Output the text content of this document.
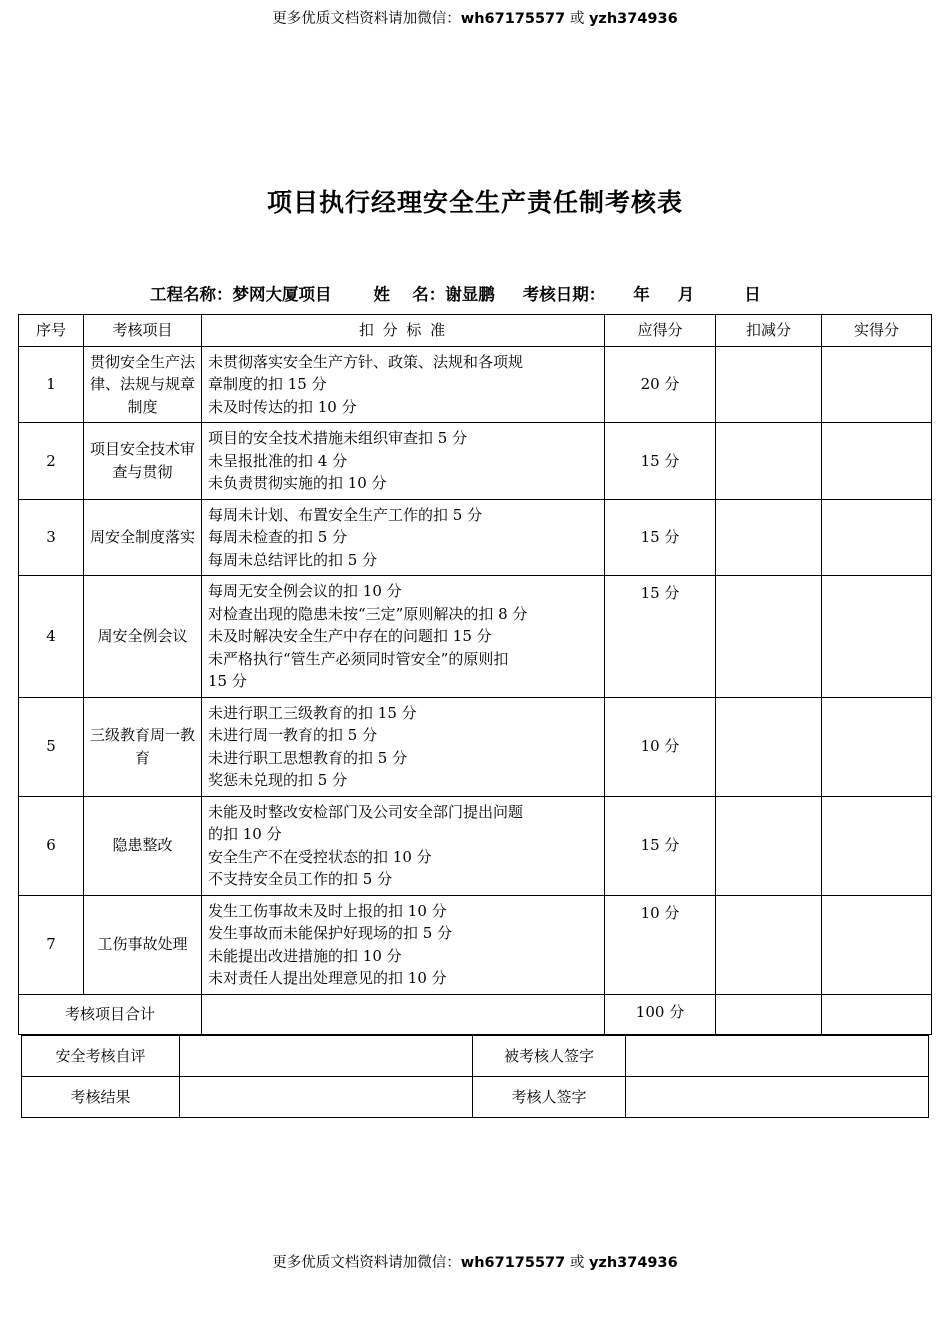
更多优质文档资料请加微信：wh67175577 或 yzh374936
项目执行经理安全生产责任制考核表
工程名称：梦网大厦项目	姓　 名：谢显鹏 考核日期： 年 月	日
序号	考核项目	扣 分 标 准	应得分	扣减分	实得分
1	贯彻安全生产法律、法规与规章制度	未贯彻落实安全生产方针、政策、法规和各项规
章制度的扣 15 分
未及时传达的扣 10 分	20 分		
2	项目安全技术审查与贯彻	项目的安全技术措施未组织审查扣 5 分
未呈报批准的扣 4 分
未负责贯彻实施的扣 10 分	15 分		
3	周安全制度落实	每周未计划、布置安全生产工作的扣 5 分
每周未检查的扣 5 分
每周未总结评比的扣 5 分	15 分		
4	周安全例会议	每周无安全例会议的扣 10 分
对检查出现的隐患未按“三定”原则解决的扣 8 分
未及时解决安全生产中存在的问题扣 15 分
未严格执行“管生产必须同时管安全”的原则扣
15 分	15 分		
5	三级教育周一教育	未进行职工三级教育的扣 15 分
未进行周一教育的扣 5 分
未进行职工思想教育的扣 5 分
奖惩未兑现的扣 5 分	10 分		
6	隐患整改	未能及时整改安检部门及公司安全部门提出问题
的扣 10 分
安全生产不在受控状态的扣 10 分
不支持安全员工作的扣 5 分	15 分		
7	工伤事故处理	发生工伤事故未及时上报的扣 10 分
发生事故而未能保护好现场的扣 5 分
未能提出改进措施的扣 10 分
未对责任人提出处理意见的扣 10 分	10 分		
考核项目合计			100 分		
安全考核自评		被考核人签字	
考核结果		考核人签字	
更多优质文档资料请加微信：wh67175577 或 yzh374936
